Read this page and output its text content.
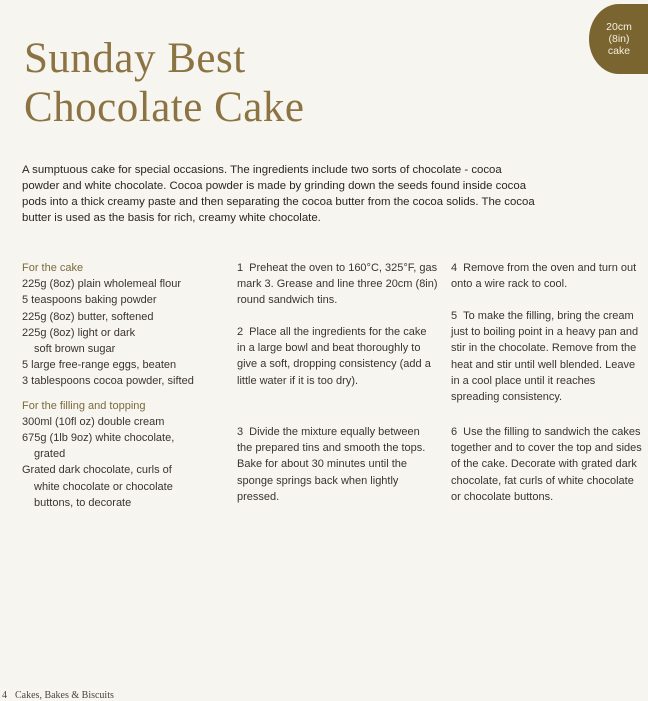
Sunday Best
Chocolate Cake
20cm
(8in)
cake

A sumptuous cake for special occasions. The ingredients include two sorts of chocolate - cocoa powder and white chocolate. Cocoa powder is made by grinding down the seeds found inside cocoa pods into a thick creamy paste and then separating the cocoa butter from the cocoa solids. The cocoa butter is used as the basis for rich, creamy white chocolate.

For the cake
225g (8oz) plain wholemeal flour
5 teaspoons baking powder
225g (8oz) butter, softened
225g (8oz) light or dark
soft brown sugar
5 large free-range eggs, beaten
3 tablespoons cocoa powder, sifted
For the filling and topping
300ml (10fl oz) double cream
675g (1lb 9oz) white chocolate,
grated
Grated dark chocolate, curls of
white chocolate or chocolate
buttons, to decorate
1 Preheat the oven to 160°C, 325°F, gas mark 3. Grease and line three 20cm (8in) round sandwich tins.
2 Place all the ingredients for the cake in a large bowl and beat thoroughly to give a soft, dropping consistency (add a little water if it is too dry).
3 Divide the mixture equally between the prepared tins and smooth the tops. Bake for about 30 minutes until the sponge springs back when lightly pressed.
4 Remove from the oven and turn out onto a wire rack to cool.
5 To make the filling, bring the cream just to boiling point in a heavy pan and stir in the chocolate. Remove from the heat and stir until well blended. Leave in a cool place until it reaches spreading consistency.
6 Use the filling to sandwich the cakes together and to cover the top and sides of the cake. Decorate with grated dark chocolate, fat curls of white chocolate or chocolate buttons.
4 Cakes, Bakes & Biscuits
